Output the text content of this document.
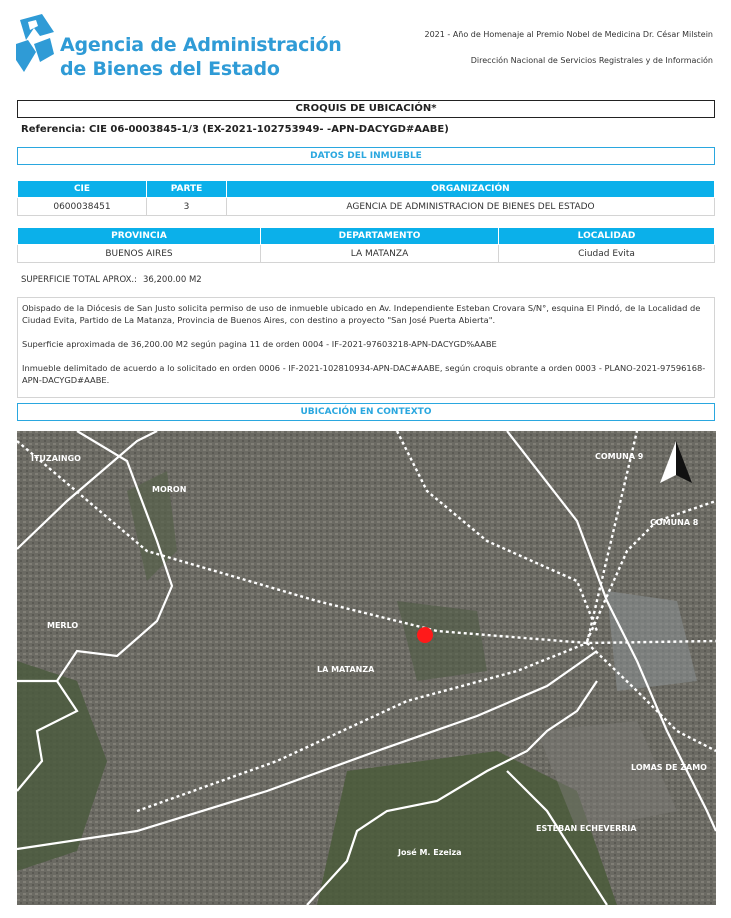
Agencia de Administración
de Bienes del Estado
2021 - Año de Homenaje al Premio Nobel de Medicina Dr. César Milstein
Dirección Nacional de Servicios Registrales y de Información
CROQUIS DE UBICACIÓN*
Referencia: CIE 06-0003845-1/3 (EX-2021-102753949- -APN-DACYGD#AABE)
DATOS DEL INMUEBLE
CIE	PARTE	ORGANIZACIÓN
0600038451	3	AGENCIA DE ADMINISTRACION DE BIENES DEL ESTADO
PROVINCIA	DEPARTAMENTO	LOCALIDAD
BUENOS AIRES	LA MATANZA	Ciudad Evita
SUPERFICIE TOTAL APROX.: 36,200.00 M2

Obispado de la Diócesis de San Justo solicita permiso de uso de inmueble ubicado en Av. Independiente Esteban Crovara S/N°, esquina El Pindó, de la Localidad de Ciudad Evita, Partido de La Matanza, Provincia de Buenos Aires, con destino a proyecto "San José Puerta Abierta".

Superficie aproximada de 36,200.00 M2 según pagina 11 de orden 0004 - IF-2021-97603218-APN-DACYGD%AABE

Inmueble delimitado de acuerdo a lo solicitado en orden 0006 - IF-2021-102810934-APN-DAC#AABE, según croquis obrante a orden 0003 - PLANO-2021-97596168-APN-DACYGD#AABE.

UBICACIÓN EN CONTEXTO
ITUZAINGO
MORON
MERLO
LA MATANZA
COMUNA 9
COMUNA 8
LOMAS DE ZAMO
ESTEBAN ECHEVERRIA
José M. Ezeiza
